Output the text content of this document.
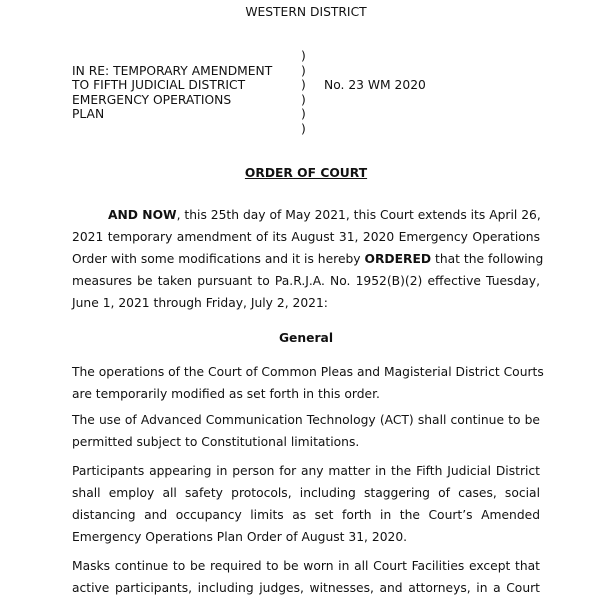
WESTERN DISTRICT
IN RE: TEMPORARY AMENDMENT
TO FIFTH JUDICIAL DISTRICT
EMERGENCY OPERATIONS
PLAN
)
)
)
)
)
)
No. 23 WM 2020
ORDER OF COURT
AND NOW, this 25th day of May 2021, this Court extends its April 26,
2021 temporary amendment of its August 31, 2020 Emergency Operations
Order with some modifications and it is hereby ORDERED that the following
measures be taken pursuant to Pa.R.J.A. No. 1952(B)(2) effective Tuesday,
June 1, 2021 through Friday, July 2, 2021:
General
The operations of the Court of Common Pleas and Magisterial District Courts
are temporarily modified as set forth in this order.
The use of Advanced Communication Technology (ACT) shall continue to be
permitted subject to Constitutional limitations.
Participants appearing in person for any matter in the Fifth Judicial District
shall employ all safety protocols, including staggering of cases, social
distancing and occupancy limits as set forth in the Court’s Amended
Emergency Operations Plan Order of August 31, 2020.
Masks continue to be required to be worn in all Court Facilities except that
active participants, including judges, witnesses, and attorneys, in a Court
